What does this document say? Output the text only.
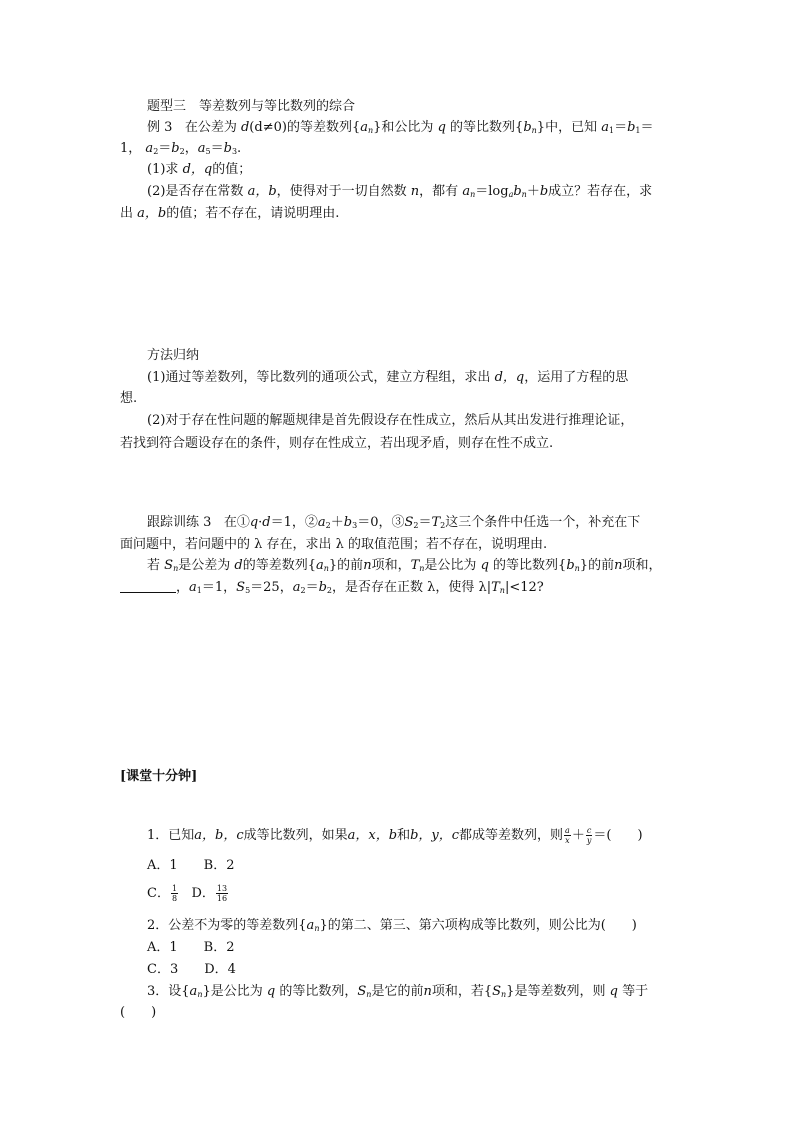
题型三　等差数列与等比数列的综合
例 3 在公差为 d(d≠0)的等差数列$\{a_n\}$和公比为 q 的等比数列$\{b_n\}$中，已知 $a_1=b_1=$
1， $a_2=b_2$，$a_5=b_3$.
(1)求 d，q的值；
(2)是否存在常数 a，b，使得对于一切自然数 n，都有 $a_n=\log_ab_n+b$成立？若存在，求
出 a，b的值；若不存在，请说明理由.
方法归纳
(1)通过等差数列，等比数列的通项公式，建立方程组，求出 d，q，运用了方程的思
想.
(2)对于存在性问题的解题规律是首先假设存在性成立，然后从其出发进行推理论证，
若找到符合题设存在的条件，则存在性成立，若出现矛盾，则存在性不成立.
跟踪训练 3 在①q·d＝1，$②a_2+b_3=0$，$③S_2=T_2$这三个条件中任选一个，补充在下
面问题中，若问题中的 λ 存在，求出 λ 的取值范围；若不存在，说明理由.
若 $S_n$是公差为 d的等差数列$\{a_n\}$的前n项和，$T_n$是公比为 q 的等比数列$\{b_n\}$的前n项和，
，$a_1=1$，$S_5=25$，$a_2=b_2$，是否存在正数 λ，使得 $\lambda|T_n|<12$?
[课堂十分钟]
1．已知a，b，c成等比数列，如果a，x，b和b，y，c都成等差数列，则 $\frac{a}{x} + \frac{c}{y}$ ＝(　　)
A．1　　B．2
C． $\frac{1}{8}$ D． $\frac{13}{16}$
2．公差不为零的等差数列$\{a_n\}$的第二、第三、第六项构成等比数列，则公比为(　　)
A．1　　B．2
C．3　　D．4
3．设$\{a_n\}$是公比为 q 的等比数列，$S_n$是它的前n项和，若$\{S_n\}$是等差数列，则 q 等于
(　　)
